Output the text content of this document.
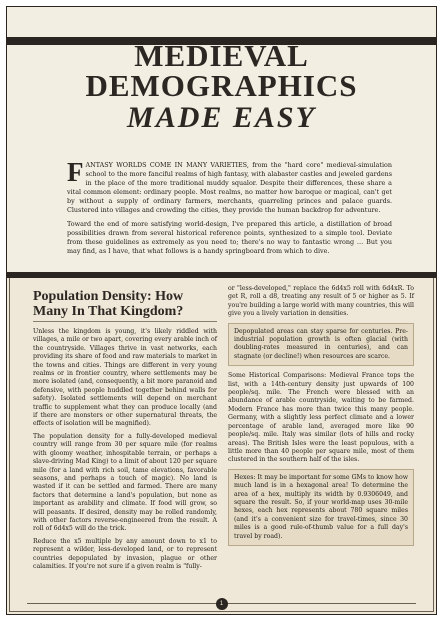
MEDIEVAL
DEMOGRAPHICS
MADE EASY

F ANTASY WORLDS COME IN MANY VARIETIES, from the "hard core" medieval-simulation school to the more fanciful realms of high fantasy, with alabaster castles and jeweled gardens in the place of the more traditional muddy squalor. Despite their differences, these share a vital common element: ordinary people. Most realms, no matter how baroque or magical, can't get by without a supply of ordinary farmers, merchants, quarreling princes and palace guards. Clustered into villages and crowding the cities, they provide the human backdrop for adventure.

Toward the end of more satisfying world-design, I've prepared this article, a distillation of broad possibilities drawn from several historical reference points, synthesized to a simple tool. Deviate from these guidelines as extremely as you need to; there's no way to fantastic wrong … But you may find, as I have, that what follows is a handy springboard from which to dive.

Population Density: How Many In That Kingdom?

Unless the kingdom is young, it's likely riddled with villages, a mile or two apart, covering every arable inch of the countryside. Villages thrive in vast networks, each providing its share of food and raw materials to market in the towns and cities. Things are different in very young realms or in frontier country, where settlements may be more isolated (and, consequently, a bit more paranoid and defensive, with people huddled together behind walls for safety). Isolated settlements will depend on merchant traffic to supplement what they can produce locally (and if there are monsters or other supernatural threats, the effects of isolation will be magnified).

The population density for a fully-developed medieval country will range from 30 per square mile (for realms with gloomy weather, inhospitable terrain, or perhaps a slave-driving Mad King) to a limit of about 120 per square mile (for a land with rich soil, tame elevations, favorable seasons, and perhaps a touch of magic). No land is wasted if it can be settled and farmed. There are many factors that determine a land's population, but none as important as arability and climate. If food will grow, so will peasants. If desired, density may be rolled randomly, with other factors reverse-engineered from the result. A roll of 6d4x5 will do the trick.

Reduce the x5 multiple by any amount down to x1 to represent a wilder, less-developed land, or to represent countries depopulated by invasion, plague or other calamities. If you're not sure if a given realm is "fully-

or "less-developed," replace the 6d4x5 roll with 6d4xR. To get R, roll a d8, treating any result of 5 or higher as 5. If you're building a large world with many countries, this will give you a lively variation in densities.

Depopulated areas can stay sparse for centuries. Pre-industrial population growth is often glacial (with doubling-rates measured in centuries), and can stagnate (or decline!) when resources are scarce.

Some Historical Comparisons: Medieval France tops the list, with a 14th-century density just upwards of 100 people/sq. mile. The French were blessed with an abundance of arable countryside, waiting to be farmed. Modern France has more than twice this many people. Germany, with a slightly less perfect climate and a lower percentage of arable land, averaged more like 90 people/sq. mile. Italy was similar (lots of hills and rocky areas). The British Isles were the least populous, with a little more than 40 people per square mile, most of them clustered in the southern half of the isles.

Hexes: It may be important for some GMs to know how much land is in a hexagonal area! To determine the area of a hex, multiply its width by 0.9306049, and square the result. So, if your world-map uses 30-mile hexes, each hex represents about 780 square miles (and it's a convenient size for travel-times, since 30 miles is a good rule-of-thumb value for a full day's travel by road).

1
